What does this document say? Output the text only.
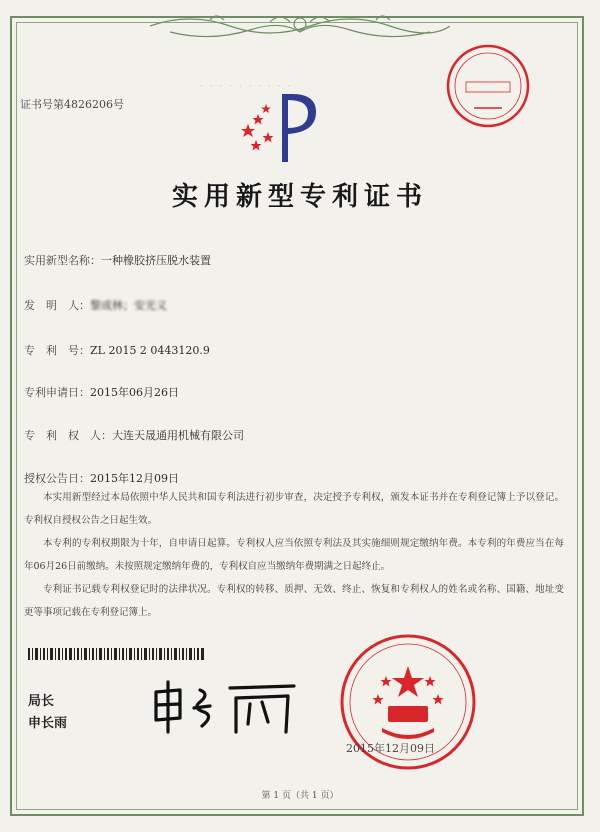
· · · · · · · · · ·
证书号第4826206号
实用新型专利证书
实用新型名称：一种橡胶挤压脱水装置
发　明　人：黎成林；安光义
专　利　号：ZL 2015 2 0443120.9
专利申请日：2015年06月26日
专　利　权　人：大连天晟通用机械有限公司
授权公告日：2015年12月09日

本实用新型经过本局依照中华人民共和国专利法进行初步审查，决定授予专利权，颁发本证书并在专利登记簿上予以登记。专利权自授权公告之日起生效。

本专利的专利权期限为十年，自申请日起算。专利权人应当依照专利法及其实施细则规定缴纳年费。本专利的年费应当在每年06月26日前缴纳。未按照规定缴纳年费的，专利权自应当缴纳年费期满之日起终止。

专利证书记载专利权登记时的法律状况。专利权的转移、质押、无效、终止、恢复和专利权人的姓名或名称、国籍、地址变更等事项记载在专利登记簿上。

局长
申长雨
2015年12月09日
第 1 页（共 1 页）
